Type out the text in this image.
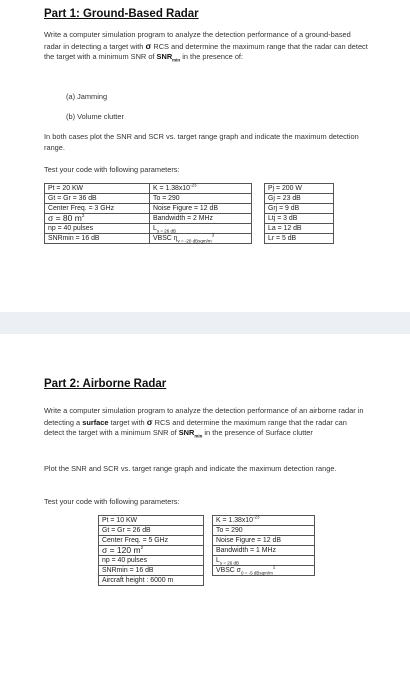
Part 1: Ground-Based Radar
Write a computer simulation program to analyze the detection performance of a ground-based radar in detecting a target with σ RCS and determine the maximum range that the radar can detect the target with a minimum SNR of $SNR_{min}$ in the presence of:
(a) Jamming
(b) Volume clutter
In both cases plot the SNR and SCR vs. target range graph and indicate the maximum detection range.
Test your code with following parameters:
Pt = 20 KW	$K = 1.38x10^{-23}$		Pj = 200 W
Gt = Gr = 36 dB	To = 290		Gj = 23 dB
Center Freq. = 3 GHz	Noise Figure = 12 dB		Grj = 9 dB
σ = 80 $m^2$	Bandwidth = 2 MHz		Ltj = 3 dB
np = 40 pulses	$L_{s = 26 dB}$		La = 12 dB
SNRmin = 16 dB	VBSC $\eta_{v = -20 dBsqm/m}^3$		Lr = 5 dB
Part 2: Airborne Radar
Write a computer simulation program to analyze the detection performance of an airborne radar in detecting a surface target with σ RCS and determine the maximum range that the radar can detect the target with a minimum SNR of $SNR_{min}$ in the presence of Surface clutter
Plot the SNR and SCR vs. target range graph and indicate the maximum detection range.
Test your code with following parameters:
Pt = 10 KW		$K = 1.38x10^{-23}$
Gt = Gr = 26 dB		To = 290
Center Freq. = 5 GHz		Noise Figure = 12 dB
σ = 120 $m^2$		Bandwidth = 1 MHz
np = 40 pulses		$L_{s = 26 dB}$
SNRmin = 16 dB		VBSC $\sigma_{0 = -5 dBsqm/m}^2$
Aircraft height : 6000 m		
